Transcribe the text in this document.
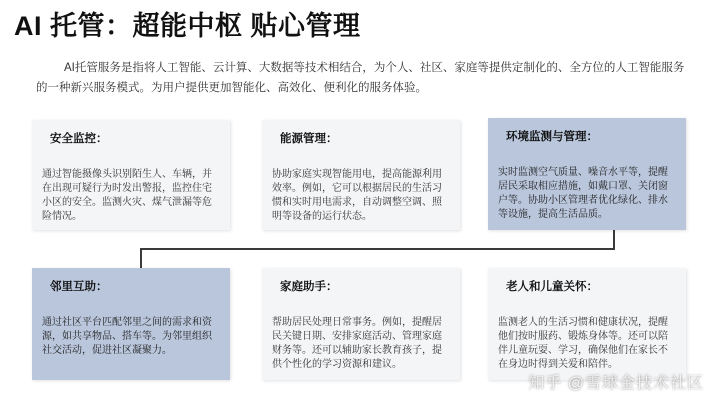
AI 托管：超能中枢 贴心管理
AI托管服务是指将人工智能、云计算、大数据等技术相结合，为个人、社区、家庭等提供定制化的、全方位的人工智能服务的一种新兴服务模式。为用户提供更加智能化、高效化、便利化的服务体验。
安全监控：
通过智能摄像头识别陌生人、车辆，并在出现可疑行为时发出警报，监控住宅小区的安全。监测火灾、煤气泄漏等危险情况。
能源管理：
协助家庭实现智能用电，提高能源利用效率。例如，它可以根据居民的生活习惯和实时用电需求，自动调整空调、照明等设备的运行状态。
环境监测与管理：
实时监测空气质量、噪音水平等，提醒居民采取相应措施，如戴口罩、关闭窗户等。协助小区管理者优化绿化、排水等设施，提高生活品质。
邻里互助：
通过社区平台匹配邻里之间的需求和资源，如共享物品、搭车等。为邻里组织社交活动，促进社区凝聚力。
家庭助手：
帮助居民处理日常事务。例如，提醒居民关键日期、安排家庭活动、管理家庭财务等。还可以辅助家长教育孩子，提供个性化的学习资源和建议。
老人和儿童关怀：
监测老人的生活习惯和健康状况，提醒他们按时服药、锻炼身体等。还可以陪伴儿童玩耍、学习，确保他们在家长不在身边时得到关爱和陪伴。
知乎 @雪球金技术社区
